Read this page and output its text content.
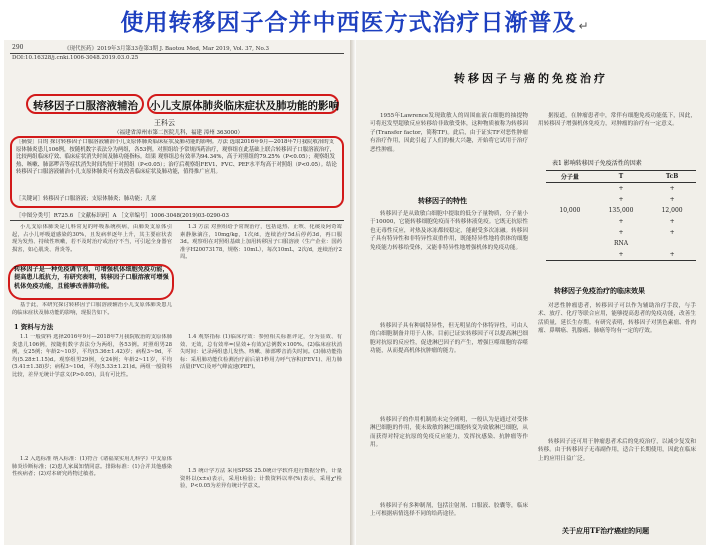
使用转移因子合并中西医方式治疗日渐普及 ↵
290	《现代医药》2019年3月第33卷第3期 J. Baotou Med, Mar 2019, Vol. 37, No.3
DOI:10.16328/j.cnki.1006-3048.2019.03.0.25
转移因子口服溶液辅治 小儿支原体肺炎临床症状及肺功能的影响
王科云
（福建省漳州市第二医院儿科，福建 漳州 363000）
［摘要］目的 探讨转移因子口服溶液辅治小儿支原体肺炎临床症状及肺功能的影响。方法 选取2016年9月—2018年7月我院收治的支原体肺炎患儿106例，按随机数字表法分为两组，各53例。对照组给予常规西药治疗，观察组在此基础上联合转移因子口服溶液治疗，比较两组临床疗效、临床症状消失时间及肺功能指标。结果 观察组总有效率为94.34%，高于对照组的79.25%（P<0.05）；观察组发热、咳嗽、肺部啰音等症状消失时间均短于对照组（P<0.05）；治疗后观察组FEV1、FVC、PEF水平均高于对照组（P<0.05）。结论 转移因子口服溶液辅治小儿支原体肺炎可有效改善临床症状及肺功能，值得推广应用。
［关键词］转移因子口服溶液；支原体肺炎；肺功能；儿童
［中图分类号］R725.6 ［文献标识码］A ［文章编号］1006-3048(2019)03-0290-03

小儿支原体肺炎是儿科常见的呼吸系统疾病，由肺炎支原体引起，占小儿呼吸道感染的30%，且发病率逐年上升，其主要症状表现为发热、持续性咳嗽，若不及时治疗或治疗不当，可引起全身器官损害，如心肌炎、肾炎等。

转移因子是一种免疫调节剂，可增强机体细胞免疫功能，提高患儿抵抗力，有研究表明，转移因子口服溶液可增强机体免疫功能，且能够改善肺功能。

基于此，本研究探讨转移因子口服溶液辅治小儿支原体肺炎患儿的临床症状及肺功能的影响，现报告如下。

1 资料与方法

1.1 一般资料 选择2016年9月—2018年7月我院收治的支原体肺炎患儿106例，按随机数字表法分为两组，各53例。对照组男28例，女25例；年龄2~10岁，平均(5.36±1.42)岁；病程3~9d，平均(5.28±1.15)d。观察组男29例，女24例；年龄2~11岁，平均(5.41±1.38)岁；病程3~10d，平均(5.33±1.21)d。两组一般资料比较，差异无统计学意义(P>0.05)，具有可比性。

1.2 入选标准 纳入标准：(1)符合《诸福棠实用儿科学》中支原体肺炎诊断标准；(2)患儿家属知情同意。排除标准：(1)合并其他感染性疾病者；(2)对本研究药物过敏者。

1.3 方法 对照组给予常规治疗，包括退热、止咳、化痰及阿奇霉素静脉滴注，10mg/kg，1次/d，连续治疗5d后停药3d，再口服3d。观察组在对照组基础上加用转移因子口服溶液（生产企业：国药准字H20073178，规格：10mL），每次10mL，2次/d，连续治疗2周。

1.4 观察指标 (1)临床疗效：参照相关标准评定，分为显效、有效、无效，总有效率=(显效+有效)/总例数×100%。(2)临床症状消失时间：记录两组患儿发热、咳嗽、肺部啰音消失时间。(3)肺功能指标：采用肺功能仪检测治疗前后第1秒用力呼气容积(FEV1)、用力肺活量(FVC)及呼气峰流速(PEF)。

1.5 统计学方法 采用SPSS 25.0统计学软件进行数据分析，计量资料以(x±s)表示，采用t检验；计数资料以率(%)表示，采用χ²检验，P<0.05为差异有统计学意义。

转移因子与癌的免疫治疗

1955年Lawrence发现致敏人的周围血液白细胞的抽提物可将迟发型超敏反应转移给非致敏受体，这种物质被称为转移因子(Transfer factor，简称TF)。此后，由于证实TF对恶性肿瘤有治疗作用，因此引起了人们的极大兴趣，开始将它试用于治疗恶性肿瘤。

转移因子的特性

转移因子是从致敏白细胞中提取的低分子量物质，分子量小于10000，它能转移细胞免疫而不转移体液免疫。它既无抗原性也无毒性反应，对热及冰冻都较稳定，能耐受多次冻融。转移因子具有特异性和非特异性双重作用，既能特异性地将供体的细胞免疫能力转移给受体，又能非特异性地增强机体的免疫功能。

转移因子具有种属特异性，但无明显的个体特异性，可由人的白细胞制备并用于人体。目前已证实转移因子可以提高淋巴细胞对抗原的反应性，促进淋巴因子的产生，增强巨噬细胞的吞噬功能，从而提高机体抗肿瘤的能力。

转移因子的作用机制尚未完全阐明，一般认为是通过对受体淋巴细胞的作用，使未致敏的淋巴细胞转变为致敏淋巴细胞，从而获得对特定抗原的免疫反应能力，发挥抗感染、抗肿瘤等作用。

转移因子有多种制剂，包括注射剂、口服液、胶囊等，临床上可根据病情选择不同的给药途径。

据报道，在肿瘤患者中，常伴有细胞免疫功能低下，因此，用转移因子增强机体免疫力，对肿瘤的治疗有一定意义。

表1 影响转移因子免疫活性的因素
分子量	T	TcB
	+	+
	+	+
10,000	135,000	12,000
	+	+
	+	+
	RNA	
	+	+
转移因子免疫治疗的临床效果

对恶性肿瘤患者，转移因子可以作为辅助治疗手段，与手术、放疗、化疗等联合应用，能够提高患者的免疫功能，改善生活质量，延长生存期。有研究表明，转移因子对黑色素瘤、骨肉瘤、鼻咽癌、乳腺癌、肺癌等均有一定的疗效。

转移因子还可用于肿瘤患者术后的免疫治疗，以减少复发和转移。由于转移因子无毒副作用，适合于长期使用，因此在临床上的应用日益广泛。

关于应用TF治疗癌症的问题
